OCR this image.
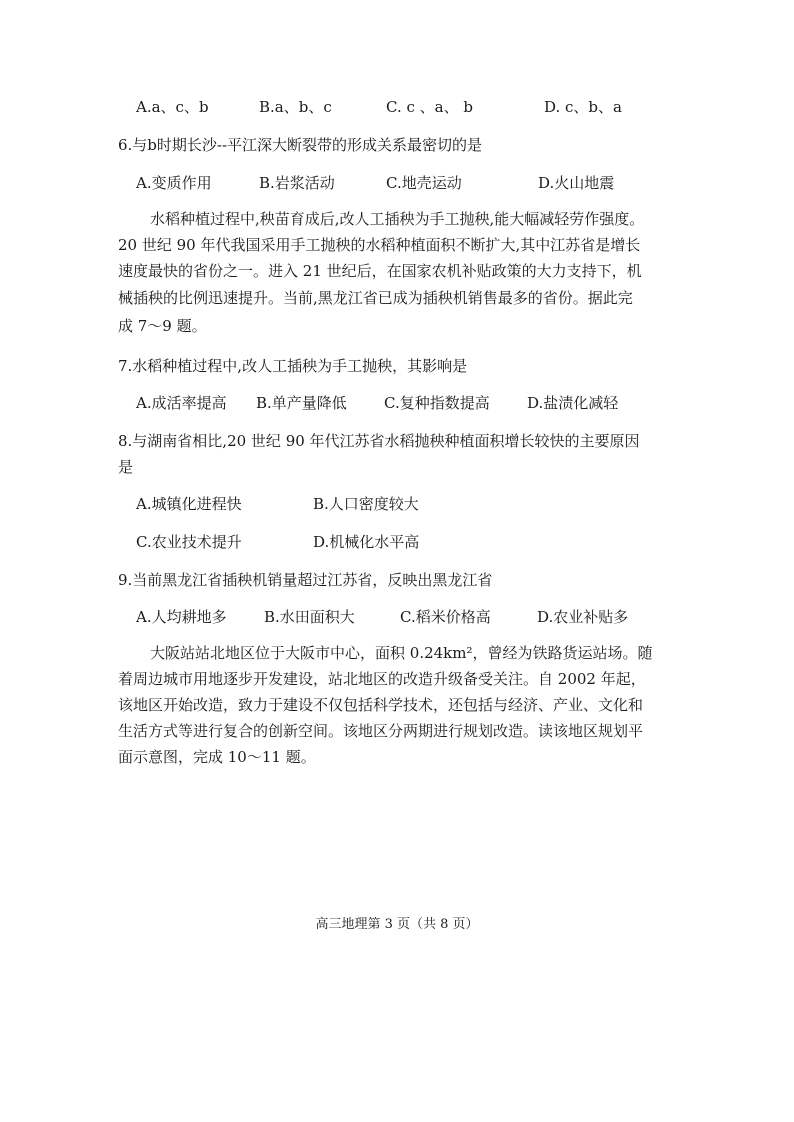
A.a、c、b	B.a、b、c	C. c 、a、 b	D. c、b、a
6.与b时期长沙--平江深大断裂带的形成关系最密切的是
A.变质作用	B.岩浆活动	C.地壳运动	D.火山地震
水稻种植过程中,秧苗育成后,改人工插秧为手工抛秧,能大幅减轻劳作强度。
20 世纪 90 年代我国采用手工抛秧的水稻种植面积不断扩大,其中江苏省是增长
速度最快的省份之一。进入 21 世纪后，在国家农机补贴政策的大力支持下，机
械插秧的比例迅速提升。当前,黑龙江省已成为插秧机销售最多的省份。据此完
成 7～9 题。
7.水稻种植过程中,改人工插秧为手工抛秧，其影响是
A.成活率提高 B.单产量降低 C.复种指数提高 D.盐渍化减轻
8.与湖南省相比,20 世纪 90 年代江苏省水稻抛秧种植面积增长较快的主要原因
是
A.城镇化进程快	B.人口密度较大
C.农业技术提升	D.机械化水平高
9.当前黑龙江省插秧机销量超过江苏省，反映出黑龙江省
A.人均耕地多 B.水田面积大	C.稻米价格高	D.农业补贴多
大阪站站北地区位于大阪市中心，面积 0.24km²，曾经为铁路货运站场。随
着周边城市用地逐步开发建设，站北地区的改造升级备受关注。自 2002 年起，
该地区开始改造，致力于建设不仅包括科学技术，还包括与经济、产业、文化和
生活方式等进行复合的创新空间。该地区分两期进行规划改造。读该地区规划平
面示意图，完成 10～11 题。
高三地理第 3 页（共 8 页）
